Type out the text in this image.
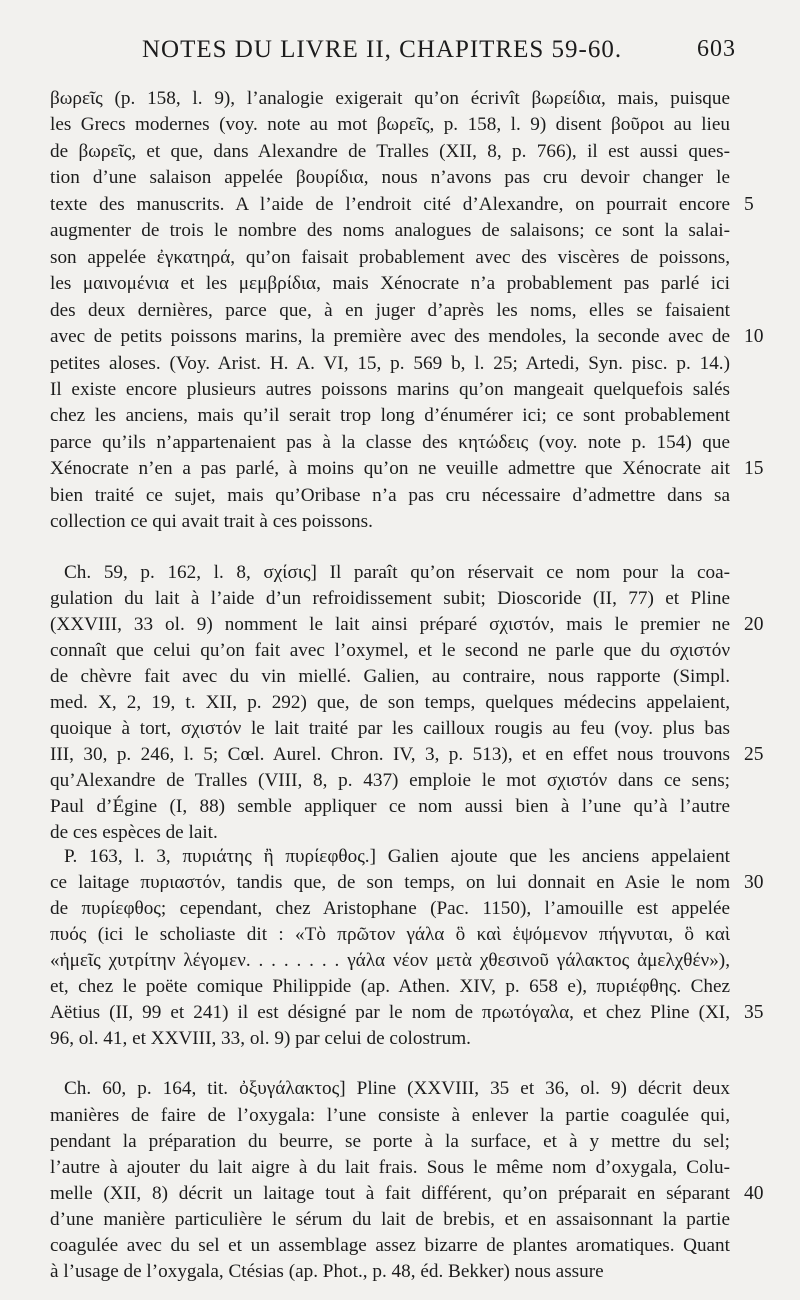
NOTES DU LIVRE II, CHAPITRES 59-60.	603
βωρεῖς (p. 158, l. 9), l’analogie exigerait qu’on écrivît βωρείδια, mais, puisque
les Grecs modernes (voy. note au mot βωρεῖς, p. 158, l. 9) disent βοῦροι au lieu
de βωρεῖς, et que, dans Alexandre de Tralles (XII, 8, p. 766), il est aussi ques-
tion d’une salaison appelée βουρίδια, nous n’avons pas cru devoir changer le
texte des manuscrits. A l’aide de l’endroit cité d’Alexandre, on pourrait encore
augmenter de trois le nombre des noms analogues de salaisons; ce sont la salai-
son appelée ἐγκατηρά, qu’on faisait probablement avec des viscères de poissons,
les μαινομένια et les μεμβρίδια, mais Xénocrate n’a probablement pas parlé ici
des deux dernières, parce que, à en juger d’après les noms, elles se faisaient
avec de petits poissons marins, la première avec des mendoles, la seconde avec de
petites aloses. (Voy. Arist. H. A. VI, 15, p. 569 b, l. 25; Artedi, Syn. pisc. p. 14.)
Il existe encore plusieurs autres poissons marins qu’on mangeait quelquefois salés
chez les anciens, mais qu’il serait trop long d’énumérer ici; ce sont probablement
parce qu’ils n’appartenaient pas à la classe des κητώδεις (voy. note p. 154) que
Xénocrate n’en a pas parlé, à moins qu’on ne veuille admettre que Xénocrate ait
bien traité ce sujet, mais qu’Oribase n’a pas cru nécessaire d’admettre dans sa
collection ce qui avait trait à ces poissons.
Ch. 59, p. 162, l. 8, σχίσις] Il paraît qu’on réservait ce nom pour la coa-
gulation du lait à l’aide d’un refroidissement subit; Dioscoride (II, 77) et Pline
(XXVIII, 33 ol. 9) nomment le lait ainsi préparé σχιστόν, mais le premier ne
connaît que celui qu’on fait avec l’oxymel, et le second ne parle que du σχιστόν
de chèvre fait avec du vin miellé. Galien, au contraire, nous rapporte (Simpl.
med. X, 2, 19, t. XII, p. 292) que, de son temps, quelques médecins appelaient,
quoique à tort, σχιστόν le lait traité par les cailloux rougis au feu (voy. plus bas
III, 30, p. 246, l. 5; Cœl. Aurel. Chron. IV, 3, p. 513), et en effet nous trouvons
qu’Alexandre de Tralles (VIII, 8, p. 437) emploie le mot σχιστόν dans ce sens;
Paul d’Égine (I, 88) semble appliquer ce nom aussi bien à l’une qu’à l’autre
de ces espèces de lait.
P. 163, l. 3, πυριάτης ἢ πυρίεφθος.] Galien ajoute que les anciens appelaient
ce laitage πυριαστόν, tandis que, de son temps, on lui donnait en Asie le nom
de πυρίεφθος; cependant, chez Aristophane (Pac. 1150), l’amouille est appelée
πυός (ici le scholiaste dit : «Τὸ πρῶτον γάλα ὃ καὶ ἑψόμενον πήγνυται, ὃ καὶ
«ἡμεῖς χυτρίτην λέγομεν. . . . . . . . γάλα νέον μετὰ χθεσινοῦ γάλακτος ἀμελχθέν»),
et, chez le poëte comique Philippide (ap. Athen. XIV, p. 658 e), πυριέφθης. Chez
Aëtius (II, 99 et 241) il est désigné par le nom de πρωτόγαλα, et chez Pline (XI,
96, ol. 41, et XXVIII, 33, ol. 9) par celui de colostrum.
Ch. 60, p. 164, tit. ὀξυγάλακτος] Pline (XXVIII, 35 et 36, ol. 9) décrit deux
manières de faire de l’oxygala: l’une consiste à enlever la partie coagulée qui,
pendant la préparation du beurre, se porte à la surface, et à y mettre du sel;
l’autre à ajouter du lait aigre à du lait frais. Sous le même nom d’oxygala, Colu-
melle (XII, 8) décrit un laitage tout à fait différent, qu’on préparait en séparant
d’une manière particulière le sérum du lait de brebis, et en assaisonnant la partie
coagulée avec du sel et un assemblage assez bizarre de plantes aromatiques. Quant
à l’usage de l’oxygala, Ctésias (ap. Phot., p. 48, éd. Bekker) nous assure
5
10
15
20
25
30
35
40
